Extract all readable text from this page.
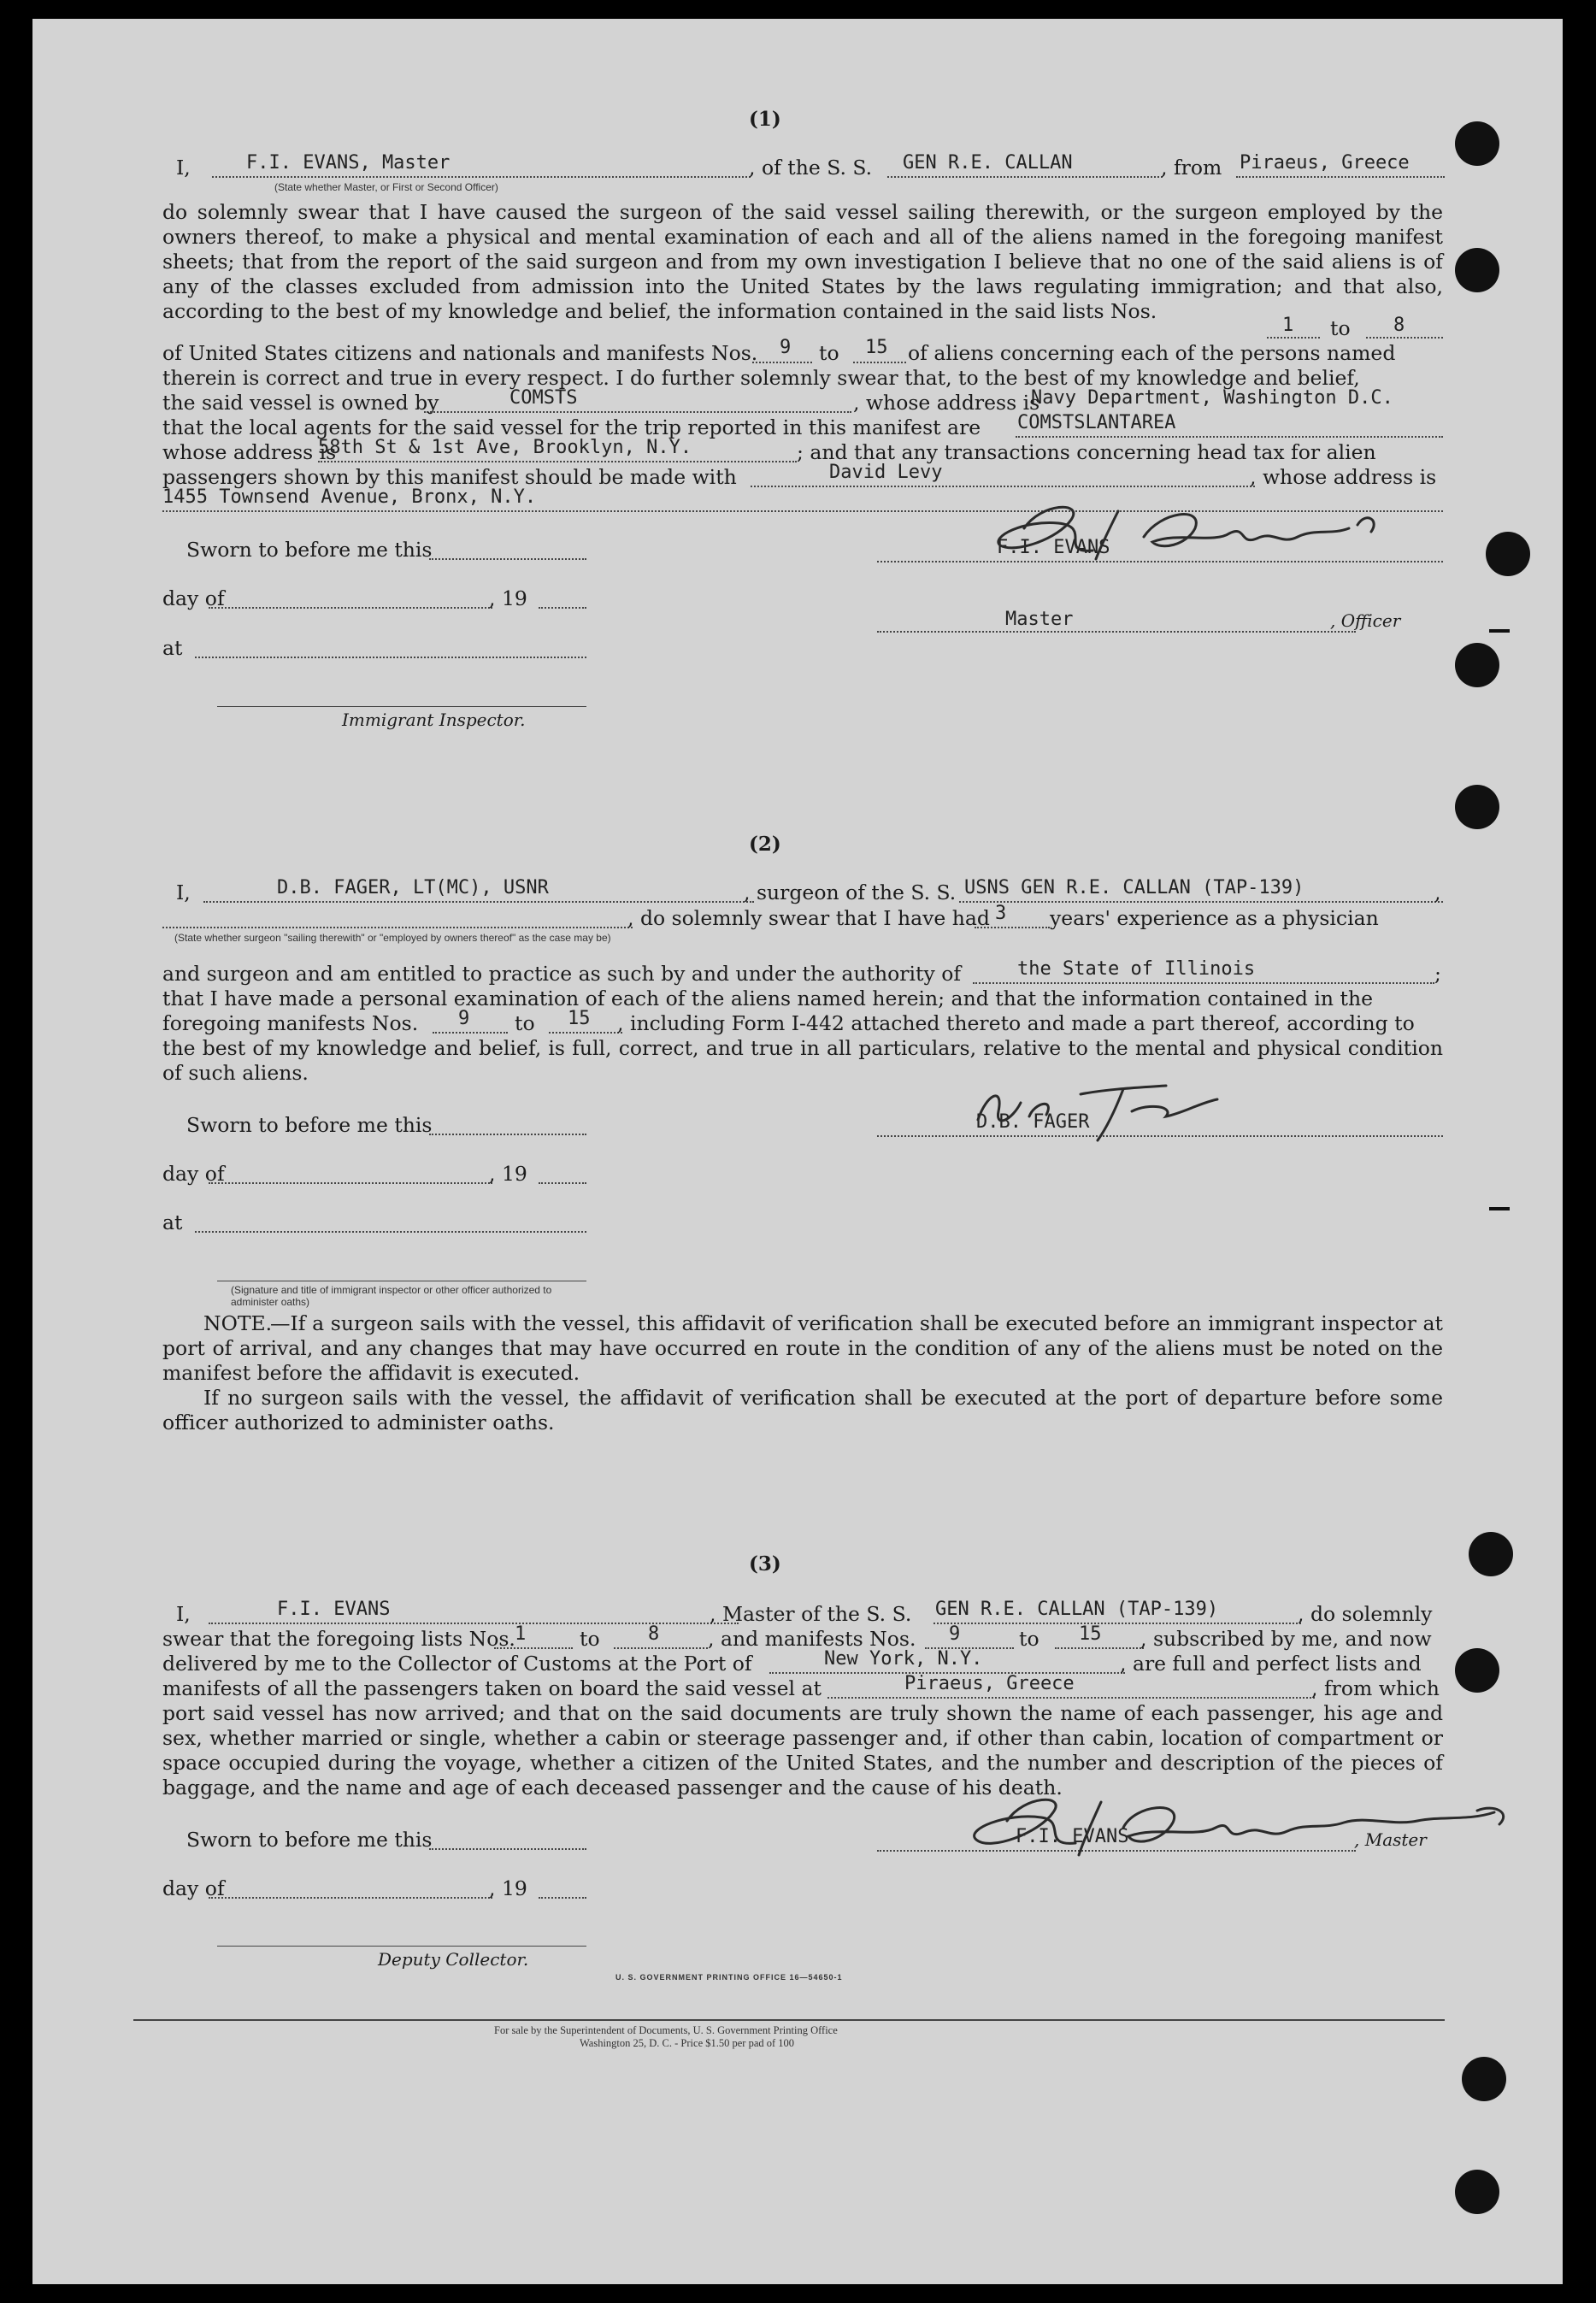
(1)
I,	F.I. EVANS, Master
(State whether Master, or First or Second Officer)
, of the S. S. GEN R.E. CALLAN	, from Piraeus, Greece
do solemnly swear that I have caused the surgeon of the said vessel sailing therewith, or the surgeon employed by the owners thereof, to make a physical and mental examination of each and all of the aliens named in the foregoing manifest sheets; that from the report of the said surgeon and from my own investigation I believe that no one of the said aliens is of any of the classes excluded from admission into the United States by the laws regulating immigration; and that also, according to the best of my knowledge and belief, the information contained in the said lists Nos.
1 to 8
of United States citizens and nationals and manifests Nos. 9 to 15 of aliens concerning each of the persons named
therein is correct and true in every respect. I do further solemnly swear that, to the best of my knowledge and belief,
the said vessel is owned by	COMSTS	, whose address is
Navy Department, Washington D.C.
that the local agents for the said vessel for the trip reported in this manifest are COMSTSLANTAREA
whose address is
58th St & 1st Ave, Brooklyn, N.Y.	; and that any transactions concerning head tax for alien
passengers shown by this manifest should be made with	David Levy	, whose address is
1455 Townsend Avenue, Bronx, N.Y.
Sworn to before me this
day of	, 19
at
Immigrant Inspector.
F.I. EVANS
Master	, Officer
(2)
I,	D.B. FAGER, LT(MC), USNR	, surgeon of the S. S. USNS GEN R.E. CALLAN (TAP-139)	,
(State whether surgeon "sailing therewith" or "employed by owners thereof" as the case may be)
, do solemnly swear that I have had 3 years' experience as a physician
and surgeon and am entitled to practice as such by and under the authority of	the State of Illinois	;
that I have made a personal examination of each of the aliens named herein; and that the information contained in the
foregoing manifests Nos. 9 to 15 , including Form I-442 attached thereto and made a part thereof, according to
the best of my knowledge and belief, is full, correct, and true in all particulars, relative to the mental and physical condition of such aliens.
Sworn to before me this
day of	, 19
at
(Signature and title of immigrant inspector or other officer authorized to administer oaths)
D.B. FAGER
NOTE.
—If a surgeon sails with the vessel, this affidavit of verification shall be executed before an immigrant inspector at port of arrival, and any changes that may have occurred en route in the condition of any of the aliens must be noted on the manifest before the affidavit is executed.
If no surgeon sails with the vessel, the affidavit of verification shall be executed at the port of departure before some officer authorized to administer oaths.
(3)
I,	F.I. EVANS	, Master of the S. S. GEN R.E. CALLAN (TAP-139)	, do solemnly
swear that the foregoing lists Nos. 1	to	8 , and manifests Nos. 9	to 15 , subscribed by me, and now
delivered by me to the Collector of Customs at the Port of	New York, N.Y.	, are full and perfect lists and
manifests of all the passengers taken on board the said vessel at	Piraeus, Greece	, from which
port said vessel has now arrived; and that on the said documents are truly shown the name of each passenger, his age and sex, whether married or single, whether a cabin or steerage passenger and, if other than cabin, location of compartment or space occupied during the voyage, whether a citizen of the United States, and the number and description of the pieces of baggage, and the name and age of each deceased passenger and the cause of his death.
Sworn to before me this
day of	, 19
Deputy Collector.
F.I. EVANS	, Master
U. S. GOVERNMENT PRINTING OFFICE 16—54650-1
For sale by the Superintendent of Documents, U. S. Government Printing Office
Washington 25, D. C. - Price $1.50 per pad of 100
